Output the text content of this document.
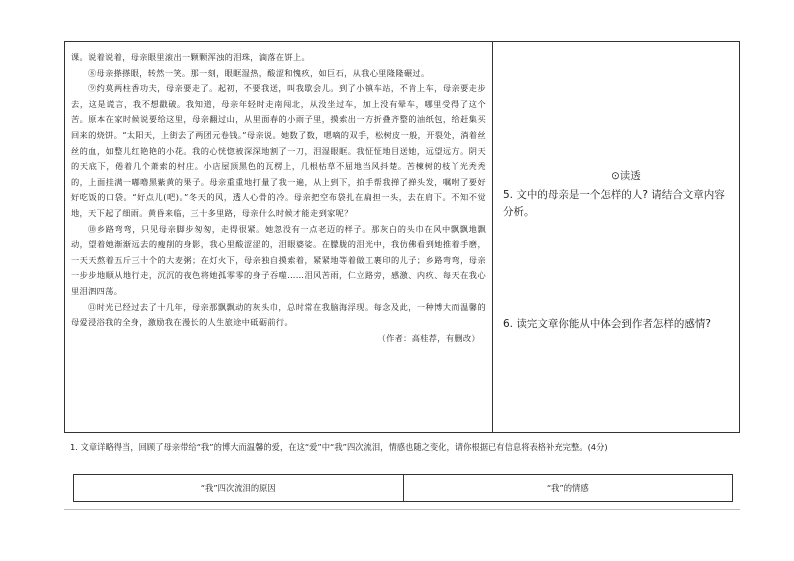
课。说着说着，母亲眼里滚出一颗颗浑浊的泪珠，滴落在饼上。

⑧母亲搽搽眼，转然一笑。那一刻，眼眶湿热，酸涩和愧疚，如巨石，从我心里隆隆碾过。

⑨约莫两柱香功夫，母亲要走了。起初，不要我送，叫我歇会儿。到了小镇车站，不肯上车，母亲要走步去，这是谎言，我不想戳破。我知道，母亲年轻时走南闯北，从没坐过车，加上没有晕车，哪里受得了这个苦。原本在家时候说要给这里，母亲翻过山，从里面春的小雨子里，摸索出一方折叠齐整的油纸包，给赶集买回来的烧饼。“太阳天，上街去了两团元卷钱。”母亲说。她数了数，嗯嘀的双手，松树皮一般，开裂处，淌着丝丝的血，如整儿红艳艳的小花。我的心恍惚被深深地割了一刀，泪湿眼眶。我怔怔地目送她，远望远方。阴天的天底下，倦着几个萧索的村庄。小店屋顶黑色的瓦楞上，几根枯草不屈地当风抖楚。苦楝树的枝丫光秃秃的，上面挂满一嘟噜黑紫黄的果子。母亲重重地打量了我一遍，从上到下，拍手帮我掸了掸头发，嘱咐了要好好吃饭的口袋。“好点儿(吧)。”冬天的风，透人心骨的冷。母亲把空布袋扎在扁担一头，去在肩下。不知不觉地，天下起了细雨。黄昏来临，三十多里路，母亲什么时候才能走到家呢？

⑩乡路弯弯，只见母亲脚步匆匆，走得很紧。她忽没有一点老迈的样子。那灰白的头巾在风中飘飘地飘动，望着她渐渐远去的瘦削的身影，我心里酸涩涩的，泪眼婆娑。在朦胧的泪光中，我仿佛看到她推着手磨，一天天熬着五斤三十个的大麦粥；在灯火下，母亲独自摸索着，紧紧地等着做工裹印的儿子；乡路弯弯，母亲一步步地顺从地行走，沉沉的夜色将她孤零零的身子吞噬……泪风苦雨，仁立路旁，感激、内疚、每天在我心里泪泗四荡。

⑪时光已经过去了十几年，母亲那飘飘动的灰头巾，总时常在我脑海浮现。每念及此，一种博大而温馨的母爱浸浴我的全身，激励我在漫长的人生旅途中砥砺前行。

（作者：高桂荐，有删改）

⊙读透
5. 文中的母亲是一个怎样的人? 请结合文章内容分析。
6. 读完文章你能从中体会到作者怎样的感情?
1. 文章详略得当，回顾了母亲带给“我”的博大而温馨的爱，在这“爱”中“我”四次流泪，情感也随之变化，请你根据已有信息将表格补充完整。(4分)
“我”四次流泪的原因	“我”的情感
